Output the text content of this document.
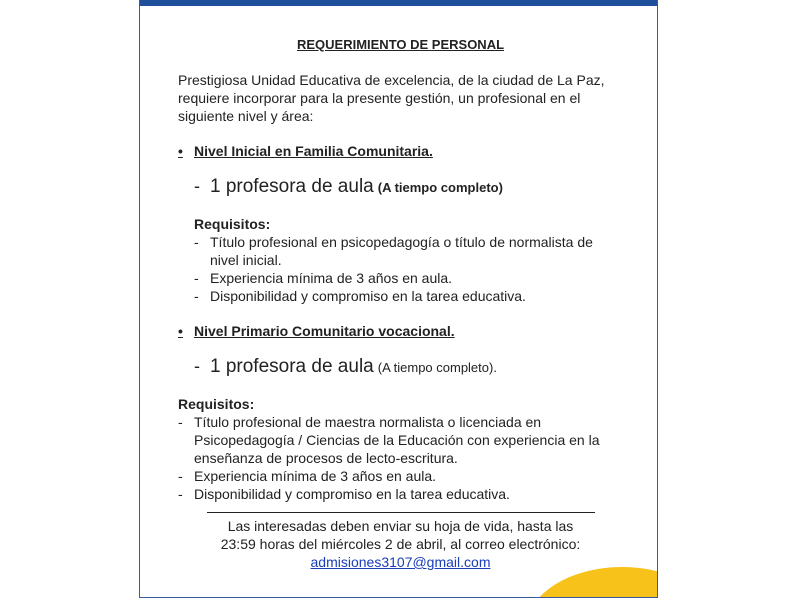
REQUERIMIENTO DE PERSONAL

Prestigiosa Unidad Educativa de excelencia, de la ciudad de La Paz, requiere incorporar para la presente gestión, un profesional en el siguiente nivel y área:

• Nivel Inicial en Familia Comunitaria.
- 1 profesora de aula (A tiempo completo)
Requisitos:
- Título profesional en psicopedagogía o título de normalista de nivel inicial.
- Experiencia mínima de 3 años en aula.
- Disponibilidad y compromiso en la tarea educativa.
• Nivel Primario Comunitario vocacional.
- 1 profesora de aula (A tiempo completo).
Requisitos:
- Título profesional de maestra normalista o licenciada en Psicopedagogía / Ciencias de la Educación con experiencia en la enseñanza de procesos de lecto-escritura.
- Experiencia mínima de 3 años en aula.
- Disponibilidad y compromiso en la tarea educativa.
Las interesadas deben enviar su hoja de vida, hasta las
23:59 horas del miércoles 2 de abril, al correo electrónico:
admisiones3107@gmail.com
